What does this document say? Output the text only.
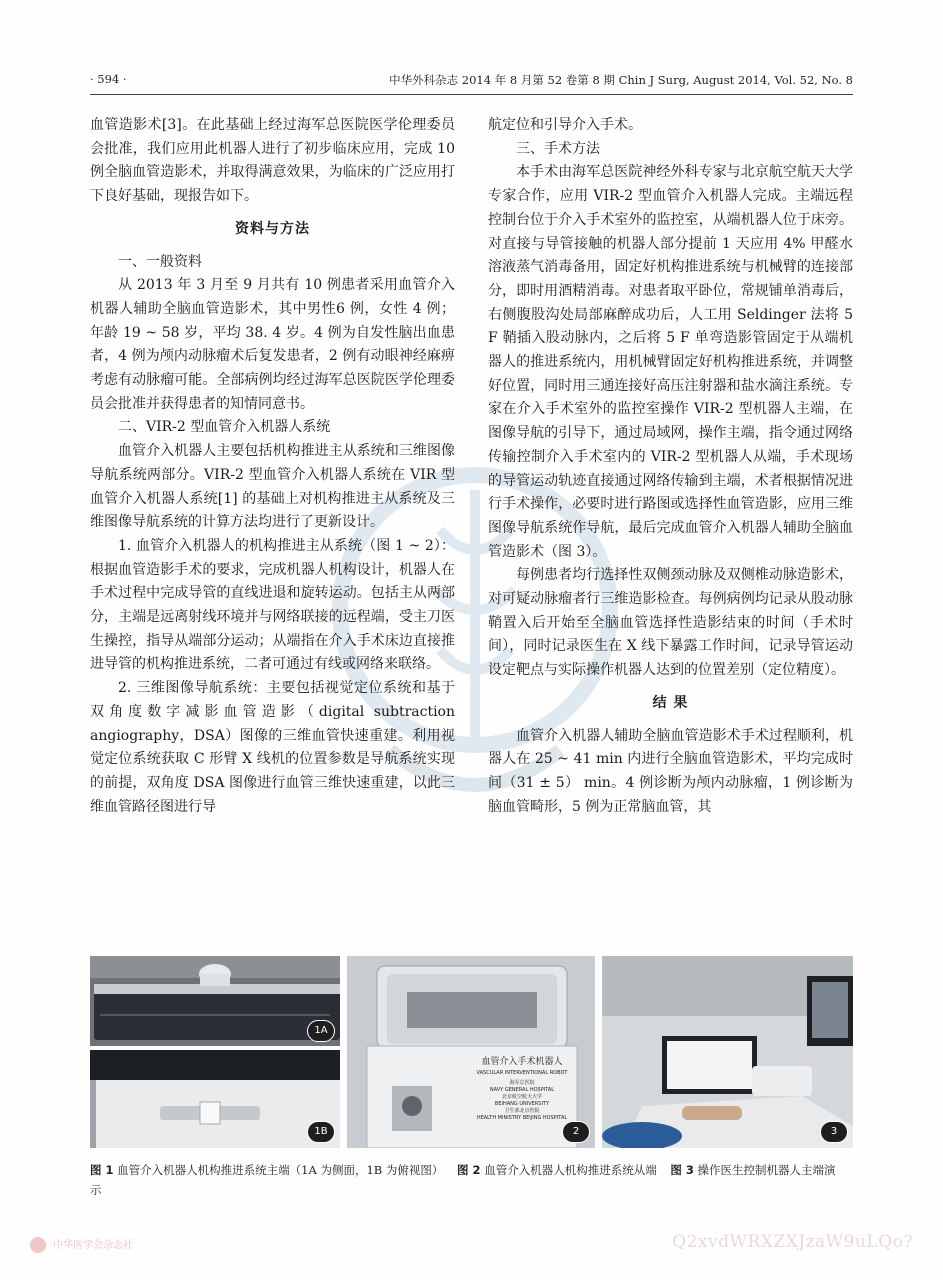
· 594 ·	中华外科杂志 2014 年 8 月第 52 卷第 8 期 Chin J Surg, August 2014, Vol. 52, No. 8

血管造影术[3]。在此基础上经过海军总医院医学伦理委员会批准，我们应用此机器人进行了初步临床应用，完成 10 例全脑血管造影术，并取得满意效果，为临床的广泛应用打下良好基础，现报告如下。

资料与方法

一、一般资料

从 2013 年 3 月至 9 月共有 10 例患者采用血管介入机器人辅助全脑血管造影术，其中男性6 例，女性 4 例；年龄 19 ~ 58 岁，平均 38. 4 岁。4 例为自发性脑出血患者，4 例为颅内动脉瘤术后复发患者，2 例有动眼神经麻痹考虑有动脉瘤可能。全部病例均经过海军总医院医学伦理委员会批准并获得患者的知情同意书。

二、VIR-2 型血管介入机器人系统

血管介入机器人主要包括机构推进主从系统和三维图像导航系统两部分。VIR-2 型血管介入机器人系统在 VIR 型血管介入机器人系统[1] 的基础上对机构推进主从系统及三维图像导航系统的计算方法均进行了更新设计。

1. 血管介入机器人的机构推进主从系统（图 1 ~ 2）：根据血管造影手术的要求，完成机器人机构设计，机器人在手术过程中完成导管的直线进退和旋转运动。包括主从两部分，主端是远离射线环境并与网络联接的远程端，受主刀医生操控，指导从端部分运动；从端指在介入手术床边直接推进导管的机构推进系统，二者可通过有线或网络来联络。

2. 三维图像导航系统：主要包括视觉定位系统和基于双角度数字减影血管造影（digital subtraction angiography，DSA）图像的三维血管快速重建。利用视觉定位系统获取 C 形臂 X 线机的位置参数是导航系统实现的前提，双角度 DSA 图像进行血管三维快速重建，以此三维血管路径图进行导

航定位和引导介入手术。

三、手术方法

本手术由海军总医院神经外科专家与北京航空航天大学专家合作，应用 VIR-2 型血管介入机器人完成。主端远程控制台位于介入手术室外的监控室，从端机器人位于床旁。对直接与导管接触的机器人部分提前 1 天应用 4% 甲醛水溶液蒸气消毒备用，固定好机构推进系统与机械臂的连接部分，即时用酒精消毒。对患者取平卧位，常规铺单消毒后，右侧腹股沟处局部麻醉成功后，人工用 Seldinger 法将 5 F 鞘插入股动脉内，之后将 5 F 单弯造影管固定于从端机器人的推进系统内，用机械臂固定好机构推进系统，并调整好位置，同时用三通连接好高压注射器和盐水滴注系统。专家在介入手术室外的监控室操作 VIR-2 型机器人主端，在图像导航的引导下，通过局域网，操作主端，指令通过网络传输控制介入手术室内的 VIR-2 型机器人从端，手术现场的导管运动轨迹直接通过网络传输到主端，术者根据情况进行手术操作，必要时进行路图或选择性血管造影，应用三维图像导航系统作导航，最后完成血管介入机器人辅助全脑血管造影术（图 3）。

每例患者均行选择性双侧颈动脉及双侧椎动脉造影术，对可疑动脉瘤者行三维造影检查。每例病例均记录从股动脉鞘置入后开始至全脑血管选择性造影结束的时间（手术时间），同时记录医生在 X 线下暴露工作时间，记录导管运动设定靶点与实际操作机器人达到的位置差别（定位精度）。

结 果

血管介入机器人辅助全脑血管造影术手术过程顺利，机器人在 25 ~ 41 min 内进行全脑血管造影术，平均完成时间（31 ± 5） min。4 例诊断为颅内动脉瘤，1 例诊断为脑血管畸形，5 例为正常脑血管，其

1A
1B
血管介入手术机器人
VASCULAR INTERVENTIONAL ROBOT
海军总医院
NAVY GENERAL HOSPITAL
北京航空航天大学
BEIHANG UNIVERSITY
卫生部北京医院
HEALTH MINISTRY BEIJING HOSPITAL
2	3
图 1 血管介入机器人机构推进系统主端（1A 为侧面，1B 为俯视图） 图 2 血管介入机器人机构推进系统从端 图 3 操作医生控制机器人主端演示
中华医学会杂志社	Q2xvdWRXZXJzaW9uLQo?
